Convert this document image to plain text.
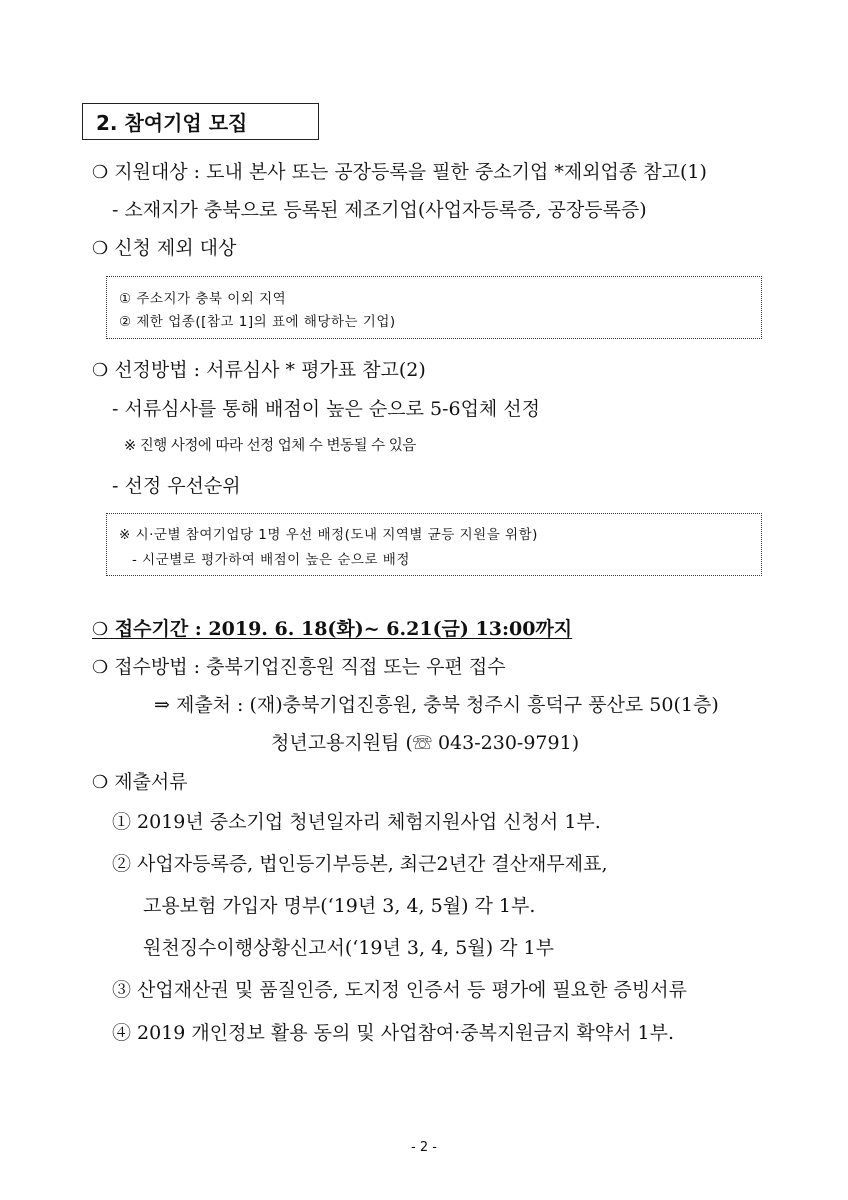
2. 참여기업 모집
❍ 지원대상 : 도내 본사 또는 공장등록을 필한 중소기업 *제외업종 참고(1)
- 소재지가 충북으로 등록된 제조기업(사업자등록증, 공장등록증)
❍ 신청 제외 대상
① 주소지가 충북 이외 지역
② 제한 업종([참고 1]의 표에 해당하는 기업)
❍ 선정방법 : 서류심사 * 평가표 참고(2)
- 서류심사를 통해 배점이 높은 순으로 5-6업체 선정
※ 진행 사정에 따라 선정 업체 수 변동될 수 있음
- 선정 우선순위
※ 시·군별 참여기업당 1명 우선 배정(도내 지역별 균등 지원을 위함)
- 시군별로 평가하여 배점이 높은 순으로 배정
❍ 접수기간 : 2019. 6. 18(화)~ 6.21(금) 13:00까지
❍ 접수방법 : 충북기업진흥원 직접 또는 우편 접수
⇒ 제출처 : (재)충북기업진흥원, 충북 청주시 흥덕구 풍산로 50(1층)
청년고용지원팀 (☏ 043-230-9791)
❍ 제출서류
① 2019년 중소기업 청년일자리 체험지원사업 신청서 1부.
② 사업자등록증, 법인등기부등본, 최근2년간 결산재무제표,
고용보험 가입자 명부(‘19년 3, 4, 5월) 각 1부.
원천징수이행상황신고서(‘19년 3, 4, 5월) 각 1부
③ 산업재산권 및 품질인증, 도지정 인증서 등 평가에 필요한 증빙서류
④ 2019 개인정보 활용 동의 및 사업참여·중복지원금지 확약서 1부.
- 2 -
